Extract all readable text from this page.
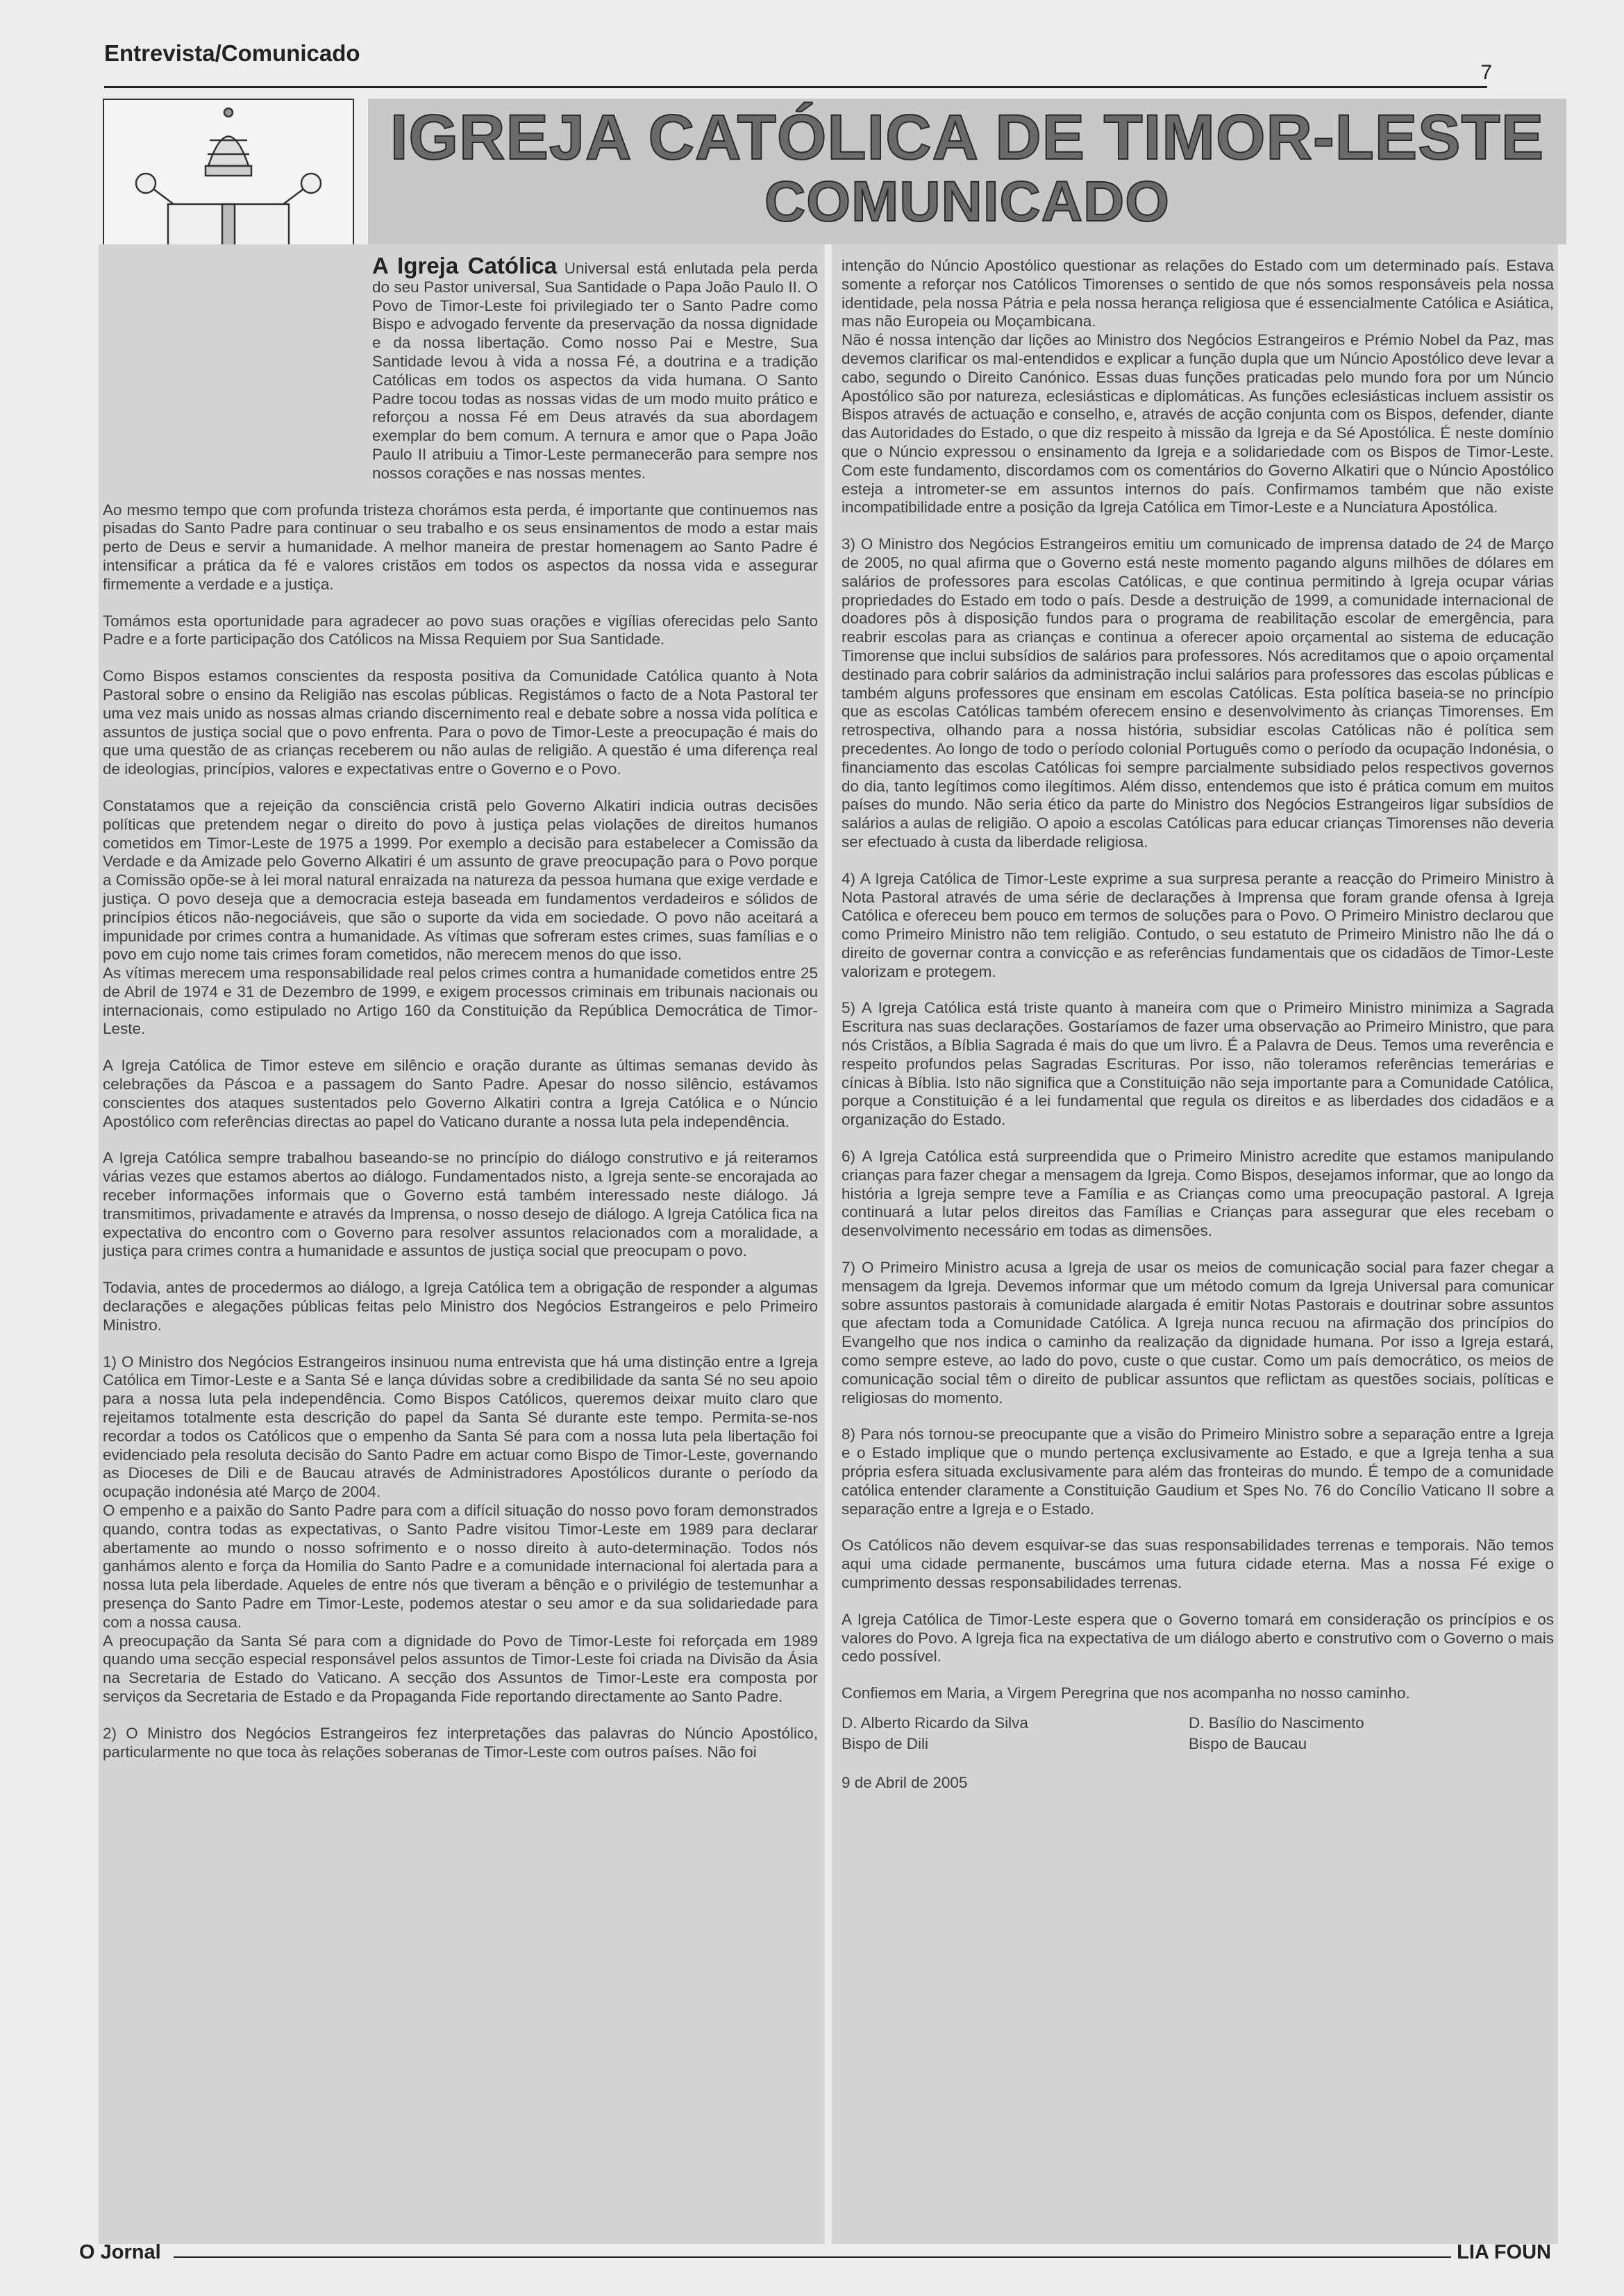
Entrevista/Comunicado
7
IGREJA CATÓLICA DE TIMOR-LESTE
COMUNICADO

A Igreja Católica Universal está enlutada pela perda do seu Pastor universal, Sua Santidade o Papa João Paulo II. O Povo de Timor-Leste foi privilegiado ter o Santo Padre como Bispo e advogado fervente da preservação da nossa dignidade e da nossa libertação. Como nosso Pai e Mestre, Sua Santidade levou à vida a nossa Fé, a doutrina e a tradição Católicas em todos os aspectos da vida humana. O Santo Padre tocou todas as nossas vidas de um modo muito prático e reforçou a nossa Fé em Deus através da sua abordagem exemplar do bem comum. A ternura e amor que o Papa João Paulo II atribuiu a Timor-Leste permanecerão para sempre nos nossos corações e nas nossas mentes.

Ao mesmo tempo que com profunda tristeza chorámos esta perda, é importante que continuemos nas pisadas do Santo Padre para continuar o seu trabalho e os seus ensinamentos de modo a estar mais perto de Deus e servir a humanidade. A melhor maneira de prestar homenagem ao Santo Padre é intensificar a prática da fé e valores cristãos em todos os aspectos da nossa vida e assegurar firmemente a verdade e a justiça.

Tomámos esta oportunidade para agradecer ao povo suas orações e vigílias oferecidas pelo Santo Padre e a forte participação dos Católicos na Missa Requiem por Sua Santidade.

Como Bispos estamos conscientes da resposta positiva da Comunidade Católica quanto à Nota Pastoral sobre o ensino da Religião nas escolas públicas. Registámos o facto de a Nota Pastoral ter uma vez mais unido as nossas almas criando discernimento real e debate sobre a nossa vida política e assuntos de justiça social que o povo enfrenta. Para o povo de Timor-Leste a preocupação é mais do que uma questão de as crianças receberem ou não aulas de religião. A questão é uma diferença real de ideologias, princípios, valores e expectativas entre o Governo e o Povo.

Constatamos que a rejeição da consciência cristã pelo Governo Alkatiri indicia outras decisões políticas que pretendem negar o direito do povo à justiça pelas violações de direitos humanos cometidos em Timor-Leste de 1975 a 1999. Por exemplo a decisão para estabelecer a Comissão da Verdade e da Amizade pelo Governo Alkatiri é um assunto de grave preocupação para o Povo porque a Comissão opõe-se à lei moral natural enraizada na natureza da pessoa humana que exige verdade e justiça. O povo deseja que a democracia esteja baseada em fundamentos verdadeiros e sólidos de princípios éticos não-negociáveis, que são o suporte da vida em sociedade. O povo não aceitará a impunidade por crimes contra a humanidade. As vítimas que sofreram estes crimes, suas famílias e o povo em cujo nome tais crimes foram cometidos, não merecem menos do que isso.

As vítimas merecem uma responsabilidade real pelos crimes contra a humanidade cometidos entre 25 de Abril de 1974 e 31 de Dezembro de 1999, e exigem processos criminais em tribunais nacionais ou internacionais, como estipulado no Artigo 160 da Constituição da República Democrática de Timor-Leste.

A Igreja Católica de Timor esteve em silêncio e oração durante as últimas semanas devido às celebrações da Páscoa e a passagem do Santo Padre. Apesar do nosso silêncio, estávamos conscientes dos ataques sustentados pelo Governo Alkatiri contra a Igreja Católica e o Núncio Apostólico com referências directas ao papel do Vaticano durante a nossa luta pela independência.

A Igreja Católica sempre trabalhou baseando-se no princípio do diálogo construtivo e já reiteramos várias vezes que estamos abertos ao diálogo. Fundamentados nisto, a Igreja sente-se encorajada ao receber informações informais que o Governo está também interessado neste diálogo. Já transmitimos, privadamente e através da Imprensa, o nosso desejo de diálogo. A Igreja Católica fica na expectativa do encontro com o Governo para resolver assuntos relacionados com a moralidade, a justiça para crimes contra a humanidade e assuntos de justiça social que preocupam o povo.

Todavia, antes de procedermos ao diálogo, a Igreja Católica tem a obrigação de responder a algumas declarações e alegações públicas feitas pelo Ministro dos Negócios Estrangeiros e pelo Primeiro Ministro.

1) O Ministro dos Negócios Estrangeiros insinuou numa entrevista que há uma distinção entre a Igreja Católica em Timor-Leste e a Santa Sé e lança dúvidas sobre a credibilidade da santa Sé no seu apoio para a nossa luta pela independência. Como Bispos Católicos, queremos deixar muito claro que rejeitamos totalmente esta descrição do papel da Santa Sé durante este tempo. Permita-se-nos recordar a todos os Católicos que o empenho da Santa Sé para com a nossa luta pela libertação foi evidenciado pela resoluta decisão do Santo Padre em actuar como Bispo de Timor-Leste, governando as Dioceses de Dili e de Baucau através de Administradores Apostólicos durante o período da ocupação indonésia até Março de 2004.

O empenho e a paixão do Santo Padre para com a difícil situação do nosso povo foram demonstrados quando, contra todas as expectativas, o Santo Padre visitou Timor-Leste em 1989 para declarar abertamente ao mundo o nosso sofrimento e o nosso direito à auto-determinação. Todos nós ganhámos alento e força da Homilia do Santo Padre e a comunidade internacional foi alertada para a nossa luta pela liberdade. Aqueles de entre nós que tiveram a bênção e o privilégio de testemunhar a presença do Santo Padre em Timor-Leste, podemos atestar o seu amor e da sua solidariedade para com a nossa causa.

A preocupação da Santa Sé para com a dignidade do Povo de Timor-Leste foi reforçada em 1989 quando uma secção especial responsável pelos assuntos de Timor-Leste foi criada na Divisão da Ásia na Secretaria de Estado do Vaticano. A secção dos Assuntos de Timor-Leste era composta por serviços da Secretaria de Estado e da Propaganda Fide reportando directamente ao Santo Padre.

2) O Ministro dos Negócios Estrangeiros fez interpretações das palavras do Núncio Apostólico, particularmente no que toca às relações soberanas de Timor-Leste com outros países. Não foi

intenção do Núncio Apostólico questionar as relações do Estado com um determinado país. Estava somente a reforçar nos Católicos Timorenses o sentido de que nós somos responsáveis pela nossa identidade, pela nossa Pátria e pela nossa herança religiosa que é essencialmente Católica e Asiática, mas não Europeia ou Moçambicana.

Não é nossa intenção dar lições ao Ministro dos Negócios Estrangeiros e Prémio Nobel da Paz, mas devemos clarificar os mal-entendidos e explicar a função dupla que um Núncio Apostólico deve levar a cabo, segundo o Direito Canónico. Essas duas funções praticadas pelo mundo fora por um Núncio Apostólico são por natureza, eclesiásticas e diplomáticas. As funções eclesiásticas incluem assistir os Bispos através de actuação e conselho, e, através de acção conjunta com os Bispos, defender, diante das Autoridades do Estado, o que diz respeito à missão da Igreja e da Sé Apostólica. É neste domínio que o Núncio expressou o ensinamento da Igreja e a solidariedade com os Bispos de Timor-Leste. Com este fundamento, discordamos com os comentários do Governo Alkatiri que o Núncio Apostólico esteja a intrometer-se em assuntos internos do país. Confirmamos também que não existe incompatibilidade entre a posição da Igreja Católica em Timor-Leste e a Nunciatura Apostólica.

3) O Ministro dos Negócios Estrangeiros emitiu um comunicado de imprensa datado de 24 de Março de 2005, no qual afirma que o Governo está neste momento pagando alguns milhões de dólares em salários de professores para escolas Católicas, e que continua permitindo à Igreja ocupar várias propriedades do Estado em todo o país. Desde a destruição de 1999, a comunidade internacional de doadores pôs à disposição fundos para o programa de reabilitação escolar de emergência, para reabrir escolas para as crianças e continua a oferecer apoio orçamental ao sistema de educação Timorense que inclui subsídios de salários para professores. Nós acreditamos que o apoio orçamental destinado para cobrir salários da administração inclui salários para professores das escolas públicas e também alguns professores que ensinam em escolas Católicas. Esta política baseia-se no princípio que as escolas Católicas também oferecem ensino e desenvolvimento às crianças Timorenses. Em retrospectiva, olhando para a nossa história, subsidiar escolas Católicas não é política sem precedentes. Ao longo de todo o período colonial Português como o período da ocupação Indonésia, o financiamento das escolas Católicas foi sempre parcialmente subsidiado pelos respectivos governos do dia, tanto legítimos como ilegítimos. Além disso, entendemos que isto é prática comum em muitos países do mundo. Não seria ético da parte do Ministro dos Negócios Estrangeiros ligar subsídios de salários a aulas de religião. O apoio a escolas Católicas para educar crianças Timorenses não deveria ser efectuado à custa da liberdade religiosa.

4) A Igreja Católica de Timor-Leste exprime a sua surpresa perante a reacção do Primeiro Ministro à Nota Pastoral através de uma série de declarações à Imprensa que foram grande ofensa à Igreja Católica e ofereceu bem pouco em termos de soluções para o Povo. O Primeiro Ministro declarou que como Primeiro Ministro não tem religião. Contudo, o seu estatuto de Primeiro Ministro não lhe dá o direito de governar contra a convicção e as referências fundamentais que os cidadãos de Timor-Leste valorizam e protegem.

5) A Igreja Católica está triste quanto à maneira com que o Primeiro Ministro minimiza a Sagrada Escritura nas suas declarações. Gostaríamos de fazer uma observação ao Primeiro Ministro, que para nós Cristãos, a Bíblia Sagrada é mais do que um livro. É a Palavra de Deus. Temos uma reverência e respeito profundos pelas Sagradas Escrituras. Por isso, não toleramos referências temerárias e cínicas à Bíblia. Isto não significa que a Constituição não seja importante para a Comunidade Católica, porque a Constituição é a lei fundamental que regula os direitos e as liberdades dos cidadãos e a organização do Estado.

6) A Igreja Católica está surpreendida que o Primeiro Ministro acredite que estamos manipulando crianças para fazer chegar a mensagem da Igreja. Como Bispos, desejamos informar, que ao longo da história a Igreja sempre teve a Família e as Crianças como uma preocupação pastoral. A Igreja continuará a lutar pelos direitos das Famílias e Crianças para assegurar que eles recebam o desenvolvimento necessário em todas as dimensões.

7) O Primeiro Ministro acusa a Igreja de usar os meios de comunicação social para fazer chegar a mensagem da Igreja. Devemos informar que um método comum da Igreja Universal para comunicar sobre assuntos pastorais à comunidade alargada é emitir Notas Pastorais e doutrinar sobre assuntos que afectam toda a Comunidade Católica. A Igreja nunca recuou na afirmação dos princípios do Evangelho que nos indica o caminho da realização da dignidade humana. Por isso a Igreja estará, como sempre esteve, ao lado do povo, custe o que custar. Como um país democrático, os meios de comunicação social têm o direito de publicar assuntos que reflictam as questões sociais, políticas e religiosas do momento.

8) Para nós tornou-se preocupante que a visão do Primeiro Ministro sobre a separação entre a Igreja e o Estado implique que o mundo pertença exclusivamente ao Estado, e que a Igreja tenha a sua própria esfera situada exclusivamente para além das fronteiras do mundo. É tempo de a comunidade católica entender claramente a Constituição Gaudium et Spes No. 76 do Concílio Vaticano II sobre a separação entre a Igreja e o Estado.

Os Católicos não devem esquivar-se das suas responsabilidades terrenas e temporais. Não temos aqui uma cidade permanente, buscámos uma futura cidade eterna. Mas a nossa Fé exige o cumprimento dessas responsabilidades terrenas.

A Igreja Católica de Timor-Leste espera que o Governo tomará em consideração os princípios e os valores do Povo. A Igreja fica na expectativa de um diálogo aberto e construtivo com o Governo o mais cedo possível.

Confiemos em Maria, a Virgem Peregrina que nos acompanha no nosso caminho.

D. Alberto Ricardo da Silva
Bispo de Dili
D. Basílio do Nascimento
Bispo de Baucau
9 de Abril de 2005
O Jornal	LIA FOUN
